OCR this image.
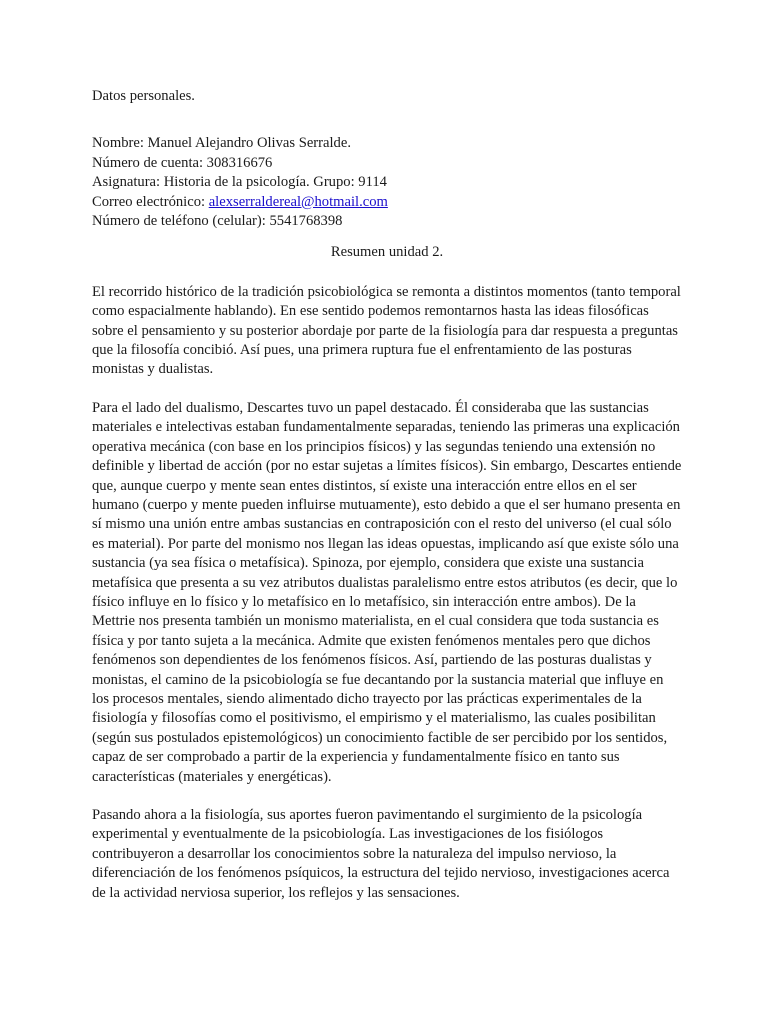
Datos personales.

Nombre: Manuel Alejandro Olivas Serralde.

Número de cuenta: 308316676

Asignatura: Historia de la psicología. Grupo: 9114

Correo electrónico: alexserraldereal@hotmail.com

Número de teléfono (celular): 5541768398

Resumen unidad 2.

El recorrido histórico de la tradición psicobiológica se remonta a distintos momentos (tanto temporal como espacialmente hablando). En ese sentido podemos remontarnos hasta las ideas filosóficas sobre el pensamiento y su posterior abordaje por parte de la fisiología para dar respuesta a preguntas que la filosofía concibió. Así pues, una primera ruptura fue el enfrentamiento de las posturas monistas y dualistas.

Para el lado del dualismo, Descartes tuvo un papel destacado. Él consideraba que las sustancias materiales e intelectivas estaban fundamentalmente separadas, teniendo las primeras una explicación operativa mecánica (con base en los principios físicos) y las segundas teniendo una extensión no definible y libertad de acción (por no estar sujetas a límites físicos). Sin embargo, Descartes entiende que, aunque cuerpo y mente sean entes distintos, sí existe una interacción entre ellos en el ser humano (cuerpo y mente pueden influirse mutuamente), esto debido a que el ser humano presenta en sí mismo una unión entre ambas sustancias en contraposición con el resto del universo (el cual sólo es material). Por parte del monismo nos llegan las ideas opuestas, implicando así que existe sólo una sustancia (ya sea física o metafísica). Spinoza, por ejemplo, considera que existe una sustancia metafísica que presenta a su vez atributos dualistas paralelismo entre estos atributos (es decir, que lo físico influye en lo físico y lo metafísico en lo metafísico, sin interacción entre ambos). De la Mettrie nos presenta también un monismo materialista, en el cual considera que toda sustancia es física y por tanto sujeta a la mecánica. Admite que existen fenómenos mentales pero que dichos fenómenos son dependientes de los fenómenos físicos. Así, partiendo de las posturas dualistas y monistas, el camino de la psicobiología se fue decantando por la sustancia material que influye en los procesos mentales, siendo alimentado dicho trayecto por las prácticas experimentales de la fisiología y filosofías como el positivismo, el empirismo y el materialismo, las cuales posibilitan (según sus postulados epistemológicos) un conocimiento factible de ser percibido por los sentidos, capaz de ser comprobado a partir de la experiencia y fundamentalmente físico en tanto sus características (materiales y energéticas).

Pasando ahora a la fisiología, sus aportes fueron pavimentando el surgimiento de la psicología experimental y eventualmente de la psicobiología. Las investigaciones de los fisiólogos contribuyeron a desarrollar los conocimientos sobre la naturaleza del impulso nervioso, la diferenciación de los fenómenos psíquicos, la estructura del tejido nervioso, investigaciones acerca de la actividad nerviosa superior, los reflejos y las sensaciones.
